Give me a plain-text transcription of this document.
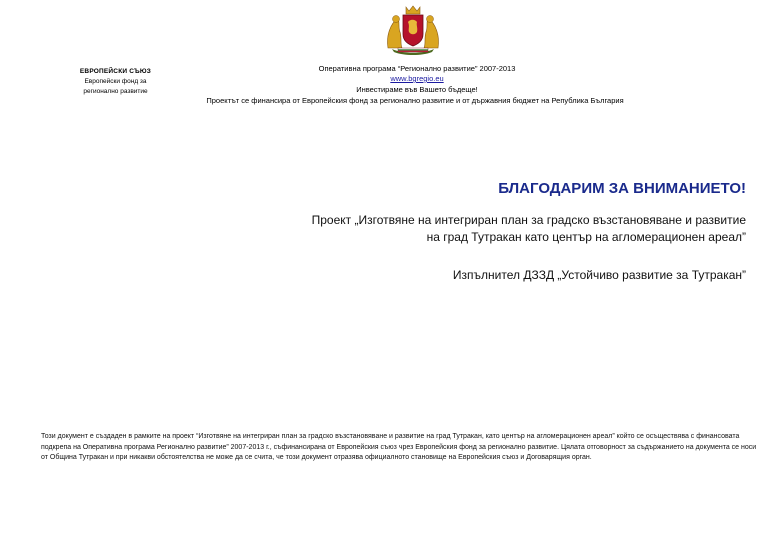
ЕВРОПЕЙСКИ СЪЮЗ
Европейски фонд за
регионално развитие
Оперативна програма “Регионално развитие” 2007-2013
www.bgregio.eu
Инвестираме във Вашето бъдеще!
Проектът се финансира от Европейския фонд за регионално развитие и от държавния бюджет на Република България
БЛАГОДАРИМ ЗА ВНИМАНИЕТО!
Проект „Изготвяне на интегриран план за градско възстановяване и развитие
на град Тутракан като център на агломерационен ареал”
Изпълнител ДЗЗД „Устойчиво развитие за Тутракан”
Този документ е създаден в рамките на проект “Изготвяне на интегриран план за градско възстановяване и развитие на град Тутракан, като център на агломерационен ареал” който се осъществява с финансовата подкрепа на Оперативна програма Регионално развитие” 2007-2013 г., съфинансирана от Европейския съюз чрез Европейския фонд за регионално развитие. Цялата отговорност за съдържанието на документа се носи от Община Тутракан и при никакви обстоятелства не може да се счита, че този документ отразява официалното становище на Европейския съюз и Договарящия орган.
